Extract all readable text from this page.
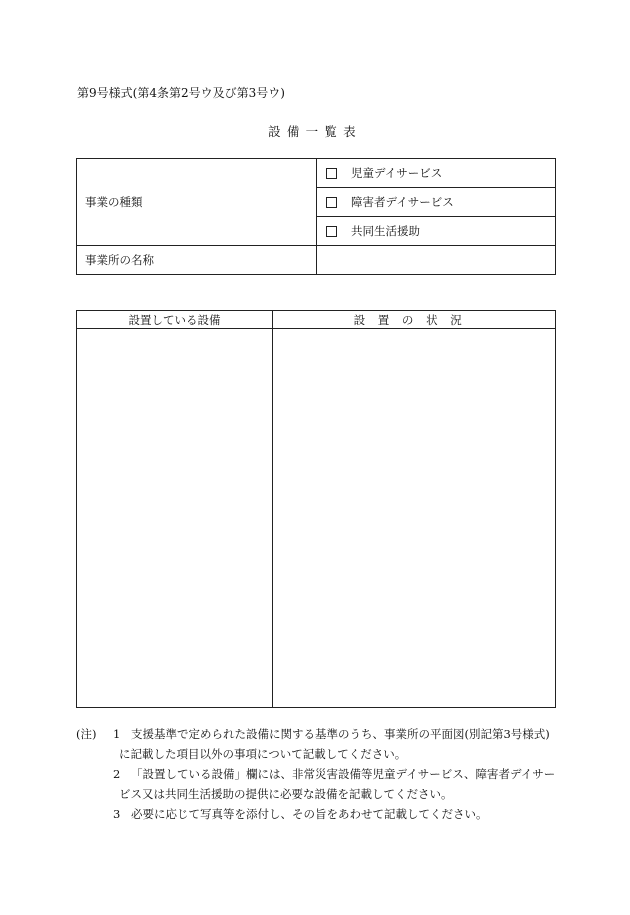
第9号様式(第4条第2号ウ及び第3号ウ)
設備一覧表
事業の種類	児童デイサービス

	障害者デイサービス

	共同生活援助

事業所の名称	
設置している設備	設置の状況

(注) 1 支援基準で定められた設備に関する基準のうち、事業所の平面図(別記第3号様式)
に記載した項目以外の事項について記載してください。
2 「設置している設備」欄には、非常災害設備等児童デイサービス、障害者デイサー
ビス又は共同生活援助の提供に必要な設備を記載してください。
3 必要に応じて写真等を添付し、その旨をあわせて記載してください。
